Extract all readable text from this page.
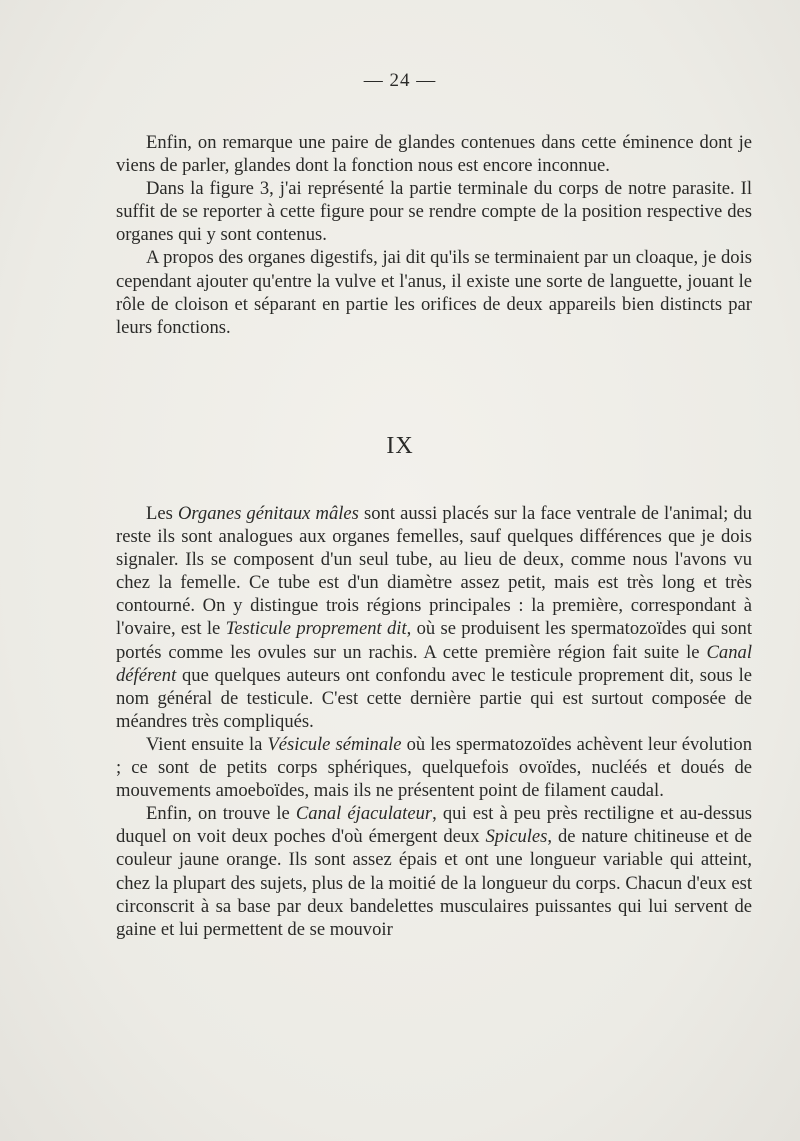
— 24 —

Enfin, on remarque une paire de glandes contenues dans cette éminence dont je viens de parler, glandes dont la fonction nous est encore inconnue.

Dans la figure 3, j'ai représenté la partie terminale du corps de notre parasite. Il suffit de se reporter à cette figure pour se rendre compte de la position respective des organes qui y sont contenus.

A propos des organes digestifs, jai dit qu'ils se terminaient par un cloaque, je dois cependant ajouter qu'entre la vulve et l'anus, il existe une sorte de languette, jouant le rôle de cloison et séparant en partie les orifices de deux appareils bien distincts par leurs fonctions.

IX

Les Organes génitaux mâles sont aussi placés sur la face ventrale de l'animal; du reste ils sont analogues aux organes femelles, sauf quelques différences que je dois signaler. Ils se composent d'un seul tube, au lieu de deux, comme nous l'avons vu chez la femelle. Ce tube est d'un diamètre assez petit, mais est très long et très contourné. On y distingue trois régions principales : la première, correspondant à l'ovaire, est le Testicule proprement dit, où se produisent les spermatozoïdes qui sont portés comme les ovules sur un rachis. A cette première région fait suite le Canal déférent que quelques auteurs ont confondu avec le testicule proprement dit, sous le nom général de testicule. C'est cette dernière partie qui est surtout composée de méandres très compliqués.

Vient ensuite la Vésicule séminale où les spermatozoïdes achèvent leur évolution ; ce sont de petits corps sphériques, quelquefois ovoïdes, nucléés et doués de mouvements amoeboïdes, mais ils ne présentent point de filament caudal.

Enfin, on trouve le Canal éjaculateur, qui est à peu près rectiligne et au-dessus duquel on voit deux poches d'où émergent deux Spicules, de nature chitineuse et de couleur jaune orange. Ils sont assez épais et ont une longueur variable qui atteint, chez la plupart des sujets, plus de la moitié de la longueur du corps. Chacun d'eux est circonscrit à sa base par deux bandelettes musculaires puissantes qui lui servent de gaine et lui permettent de se mouvoir
